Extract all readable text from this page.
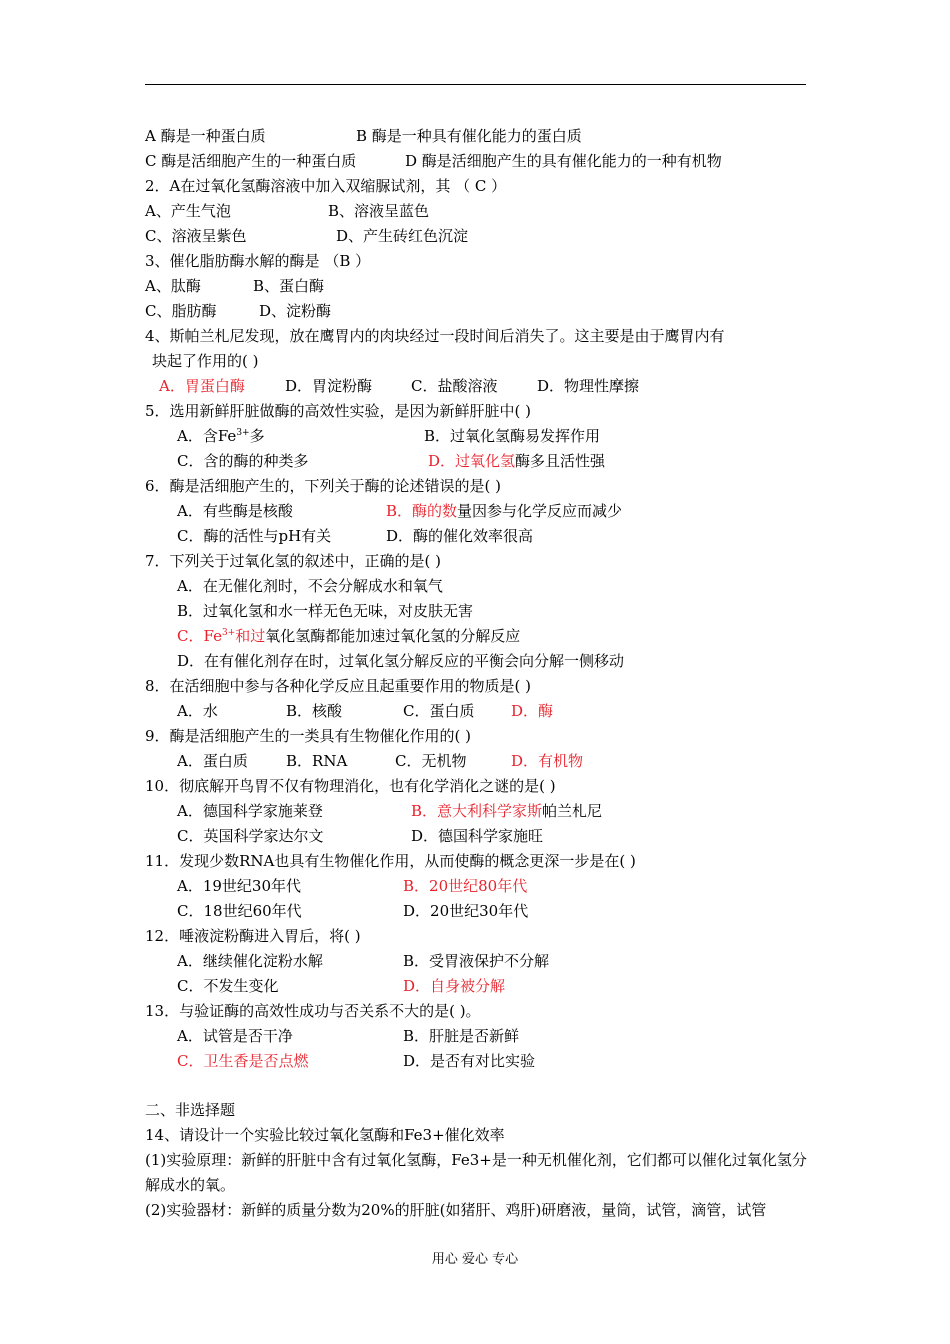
A 酶是一种蛋白质	B 酶是一种具有催化能力的蛋白质
C 酶是活细胞产生的一种蛋白质	D 酶是活细胞产生的具有催化能力的一种有机物
2．A在过氧化氢酶溶液中加入双缩脲试剂，其 （ C ）
A、产生气泡	B、溶液呈蓝色
C、溶液呈紫色	D、产生砖红色沉淀
3、催化脂肪酶水解的酶是 （B ）
A、肽酶	B、蛋白酶
C、脂肪酶	D、淀粉酶
4、斯帕兰札尼发现，放在鹰胃内的肉块经过一段时间后消失了。这主要是由于鹰胃内有
块起了作用的( )
A．胃蛋白酶	D．胃淀粉酶	C．盐酸溶液	D．物理性摩擦
5．选用新鲜肝脏做酶的高效性实验，是因为新鲜肝脏中( )
A．含$Fe^{3+}$多	B．过氧化氢酶易发挥作用
C．含的酶的种类多	D．过氧化氢酶多且活性强
6．酶是活细胞产生的，下列关于酶的论述错误的是( )
A．有些酶是核酸	B．酶的数量因参与化学反应而减少
C．酶的活性与pH有关	D．酶的催化效率很高
7．下列关于过氧化氢的叙述中，正确的是( )
A．在无催化剂时，不会分解成水和氧气
B．过氧化氢和水一样无色无味，对皮肤无害
C．$Fe^{3+}$和过氧化氢酶都能加速过氧化氢的分解反应
D．在有催化剂存在时，过氧化氢分解反应的平衡会向分解一侧移动
8．在活细胞中参与各种化学反应且起重要作用的物质是( )
A．水	B．核酸	C．蛋白质 D．酶
9．酶是活细胞产生的一类具有生物催化作用的( )
A．蛋白质	B．RNA	C．无机物	D．有机物
10．彻底解开鸟胃不仅有物理消化，也有化学消化之谜的是( )
A．德国科学家施莱登	B．意大利科学家斯帕兰札尼
C．英国科学家达尔文	D．德国科学家施旺
11．发现少数RNA也具有生物催化作用，从而使酶的概念更深一步是在( )
A．19世纪30年代	B．20世纪80年代
C．18世纪60年代	D．20世纪30年代
12．唾液淀粉酶进入胃后，将( )
A．继续催化淀粉水解	B．受胃液保护不分解
C．不发生变化	D．自身被分解
13．与验证酶的高效性成功与否关系不大的是( )。
A．试管是否干净	B．肝脏是否新鲜
C．卫生香是否点燃	D．是否有对比实验
二、非选择题
14、请设计一个实验比较过氧化氢酶和Fe3+催化效率
(1)实验原理：新鲜的肝脏中含有过氧化氢酶，Fe3+是一种无机催化剂，它们都可以催化过氧化氢分解成水的氧。
(2)实验器材：新鲜的质量分数为20%的肝脏(如猪肝、鸡肝)研磨液，量筒，试管，滴管，试管
用心 爱心 专心
